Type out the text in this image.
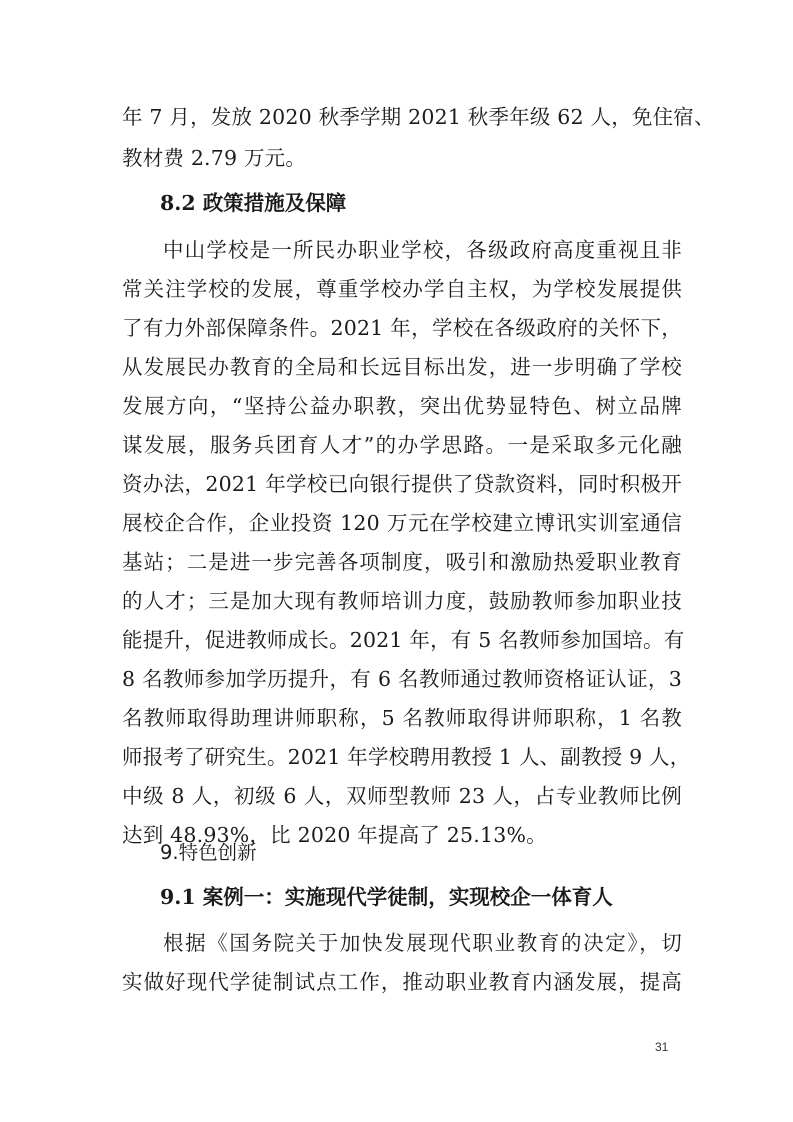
年 7 月，发放 2020 秋季学期 2021 秋季年级 62 人，免住宿、
教材费 2.79 万元。
8.2 政策措施及保障
中山学校是一所民办职业学校，各级政府高度重视且非
常关注学校的发展，尊重学校办学自主权，为学校发展提供
了有力外部保障条件。2021 年，学校在各级政府的关怀下，
从发展民办教育的全局和长远目标出发，进一步明确了学校
发展方向，“坚持公益办职教，突出优势显特色、树立品牌
谋发展，服务兵团育人才”的办学思路。一是采取多元化融
资办法，2021 年学校已向银行提供了贷款资料，同时积极开
展校企合作，企业投资 120 万元在学校建立博讯实训室通信
基站；二是进一步完善各项制度，吸引和激励热爱职业教育
的人才；三是加大现有教师培训力度，鼓励教师参加职业技
能提升，促进教师成长。2021 年，有 5 名教师参加国培。有
8 名教师参加学历提升，有 6 名教师通过教师资格证认证，3
名教师取得助理讲师职称，5 名教师取得讲师职称，1 名教
师报考了研究生。2021 年学校聘用教授 1 人、副教授 9 人，
中级 8 人，初级 6 人，双师型教师 23 人，占专业教师比例
达到 48.93%，比 2020 年提高了 25.13%。
9.特色创新
9.1 案例一：实施现代学徒制，实现校企一体育人
根据《国务院关于加快发展现代职业教育的决定》，切
实做好现代学徒制试点工作，推动职业教育内涵发展，提高
31
